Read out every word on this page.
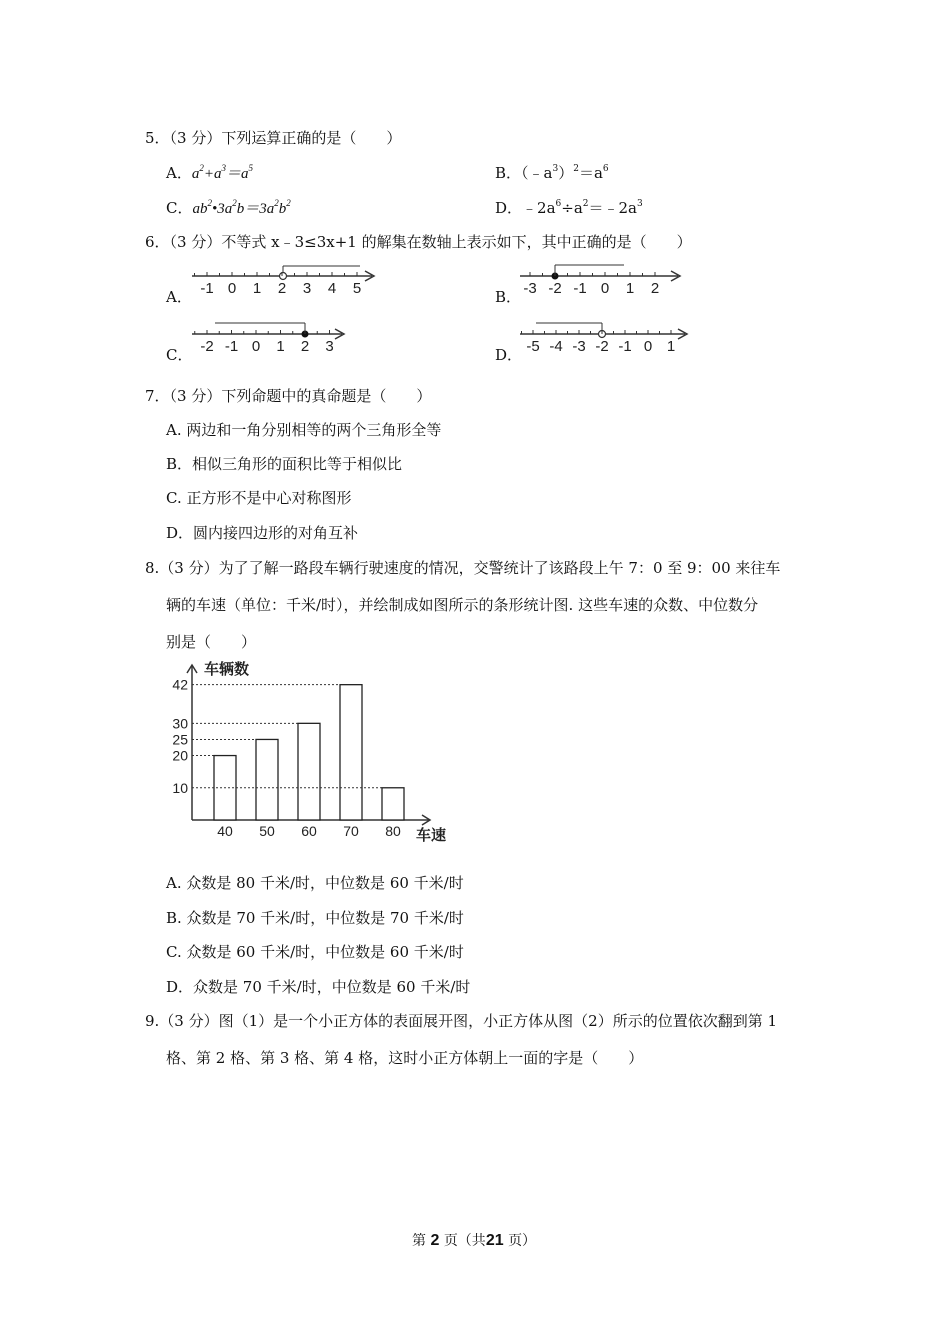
5．（3 分）下列运算正确的是（　　）
A．$a^2+a^3=a^5$	B．$(﹣a^3)^2=a^6$
C．$ab^2•3a^2b=3a^2b^2$	D．$﹣2a^6\div a^2=﹣2a^3$
6．（3 分）不等式 x﹣3≤3x+1 的解集在数轴上表示如下，其中正确的是（　　）
A．	B．
C．	D．
-1 0 1 2 3 4 5	-3 -2 -1 0 1 2
-2 -1 0 1 2 3	-5 -4 -3 -2 -1 0 1
7．（3 分）下列命题中的真命题是（　　）
A. 两边和一角分别相等的两个三角形全等
B．相似三角形的面积比等于相似比
C. 正方形不是中心对称图形
D．圆内接四边形的对角互补
8.（3 分）为了了解一路段车辆行驶速度的情况，交警统计了该路段上午 7：0 至 9：00 来往车
辆的车速（单位：千米/时），并绘制成如图所示的条形统计图. 这些车速的众数、中位数分
别是（　　）
车辆数
车速
40 50 60 70 80
10
20
25
30
42
A. 众数是 80 千米/时，中位数是 60 千米/时
B. 众数是 70 千米/时，中位数是 70 千米/时
C. 众数是 60 千米/时，中位数是 60 千米/时
D．众数是 70 千米/时，中位数是 60 千米/时
9.（3 分）图（1）是一个小正方体的表面展开图，小正方体从图（2）所示的位置依次翻到第 1
格、第 2 格、第 3 格、第 4 格，这时小正方体朝上一面的字是（　　）
第 2 页（共21 页）
